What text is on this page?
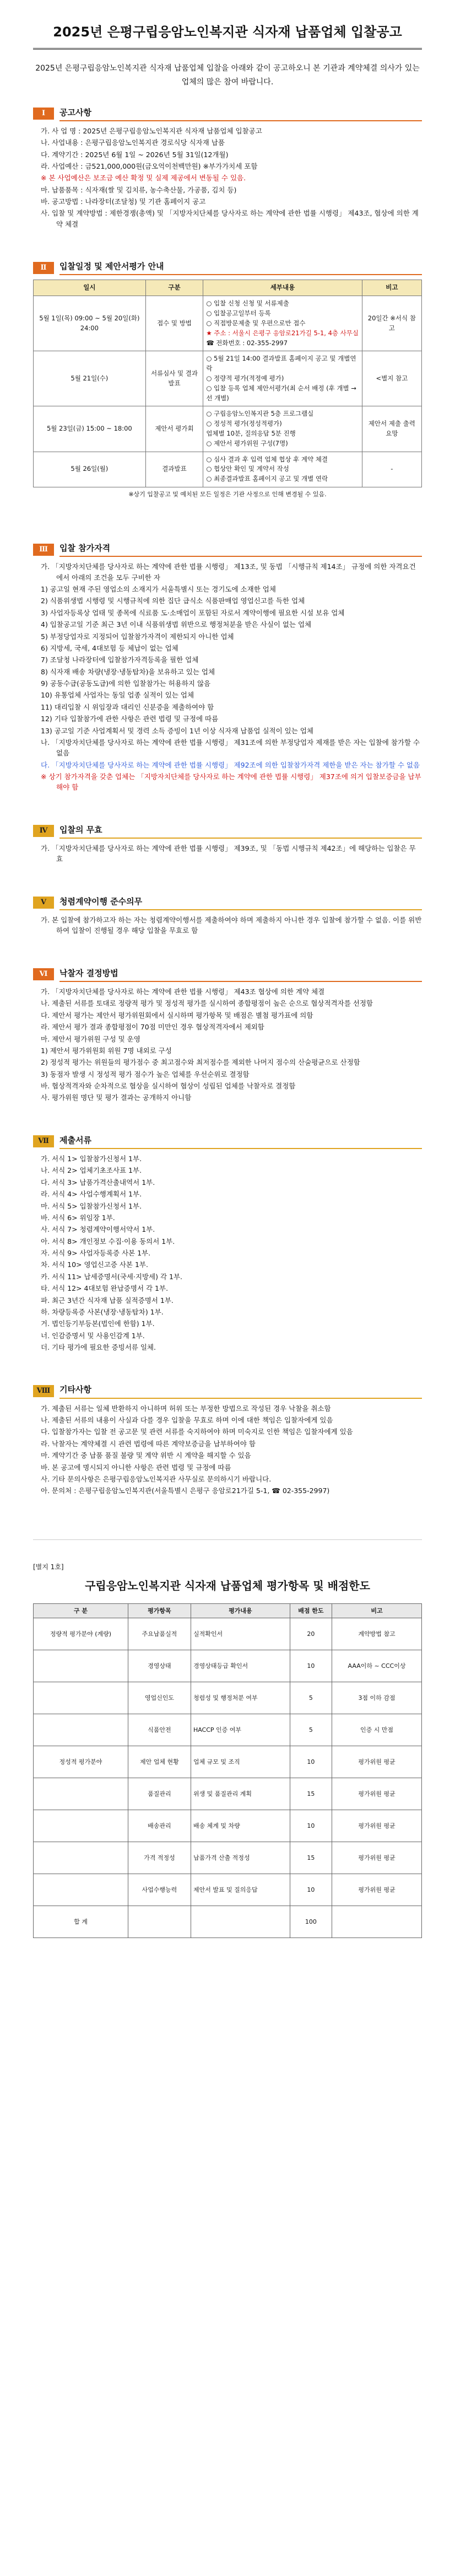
2025년 은평구립응암노인복지관 식자재 납품업체 입찰공고
2025년 은평구립응암노인복지관 식자재 납품업체 입찰을 아래와 같이 공고하오니 본 기관과 계약체결 의사가 있는 업체의 많은 참여 바랍니다.
Ⅰ	공고사항
가. 사 업 명 : 2025년 은평구립응암노인복지관 식자재 납품업체 입찰공고
나. 사업내용 : 은평구립응암노인복지관 경로식당 식자재 납품
다. 계약기간 : 2025년 6월 1일 ~ 2026년 5월 31일(12개월)
라. 사업예산 : 금521,000,000원(금오억이천백만원) ※부가가치세 포함
※ 본 사업예산은 보조금 예산 확정 및 실제 제공에서 변동될 수 있음.
마. 납품품목 : 식자재(쌀 및 김치류, 농수축산물, 가공품, 김치 등)
바. 공고방법 : 나라장터(조달청) 및 기관 홈페이지 공고
사. 입찰 및 계약방법 : 제한경쟁(총액) 및 「지방자치단체를 당사자로 하는 계약에 관한 법률 시행령」 제43조, 협상에 의한 계약 체결
Ⅱ	입찰일정 및 제안서평가 안내
일시	구분	세부내용	비고
5월 1일(목) 09:00 ~ 5월 20일(화) 24:00	접수 및 방법	○ 입찰 신청 신청 및 서류제출
○ 입찰공고일부터 등록
○ 직접방문제출 및 우편으로만 접수
★ 주소 : 서울시 은평구 응암로21가길 5-1, 4층 사무실
☎ 전화번호 : 02-355-2997	20일간 ※서식 참고
5월 21일(수)	서류심사 및 결과발표	○ 5월 21일 14:00 결과발표 홈페이지 공고 및 개별연락
○ 정량적 평가(적정예 평가)
○ 입찰 등록 업체 제안서평가(최 순서 배정 (후 개별 → 선 개별)	<별지 참고
5월 23일(금) 15:00 ~ 18:00	제안서 평가회	○ 구립응암노인복지관 5층 프로그램실
○ 정성적 평가(정성적평가)
업체별 10분, 질의응답 5분 진행
○ 제안서 평가위원 구성(7명)	제안서 제출 출력 요망
5월 26일(월)	결과발표	○ 심사 결과 후 입력 업체 협상 후 계약 체결
○ 협상안 확인 및 계약서 작성
○ 최종결과발표 홈페이지 공고 및 개별 연락	-
※상기 입찰공고 및 예치된 모든 일정은 기관 사정으로 인해 변경될 수 있음.
Ⅲ	입찰 참가자격
가. 「지방자치단체를 당사자로 하는 계약에 관한 법률 시행령」 제13조, 및 동법 「시행규칙 제14조」 규정에 의한 자격요건에서 아래의 조건을 모두 구비한 자
1) 공고일 현재 주된 영업소의 소재지가 서울특별시 또는 경기도에 소재한 업체
2) 식품위생법 시행령 및 시행규칙에 의한 집단 급식소 식품판매업 영업신고를 득한 업체
3) 사업자등록상 업태 및 종목에 식료품 도·소매업이 포함된 자로서 계약이행에 필요한 시설 보유 업체
4) 입찰공고일 기준 최근 3년 이내 식품위생법 위반으로 행정처분을 받은 사실이 없는 업체
5) 부정당업자로 지정되어 입찰참가자격이 제한되지 아니한 업체
6) 지방세, 국세, 4대보험 등 체납이 없는 업체
7) 조달청 나라장터에 입찰참가자격등록을 필한 업체
8) 식자재 배송 차량(냉장·냉동탑차)을 보유하고 있는 업체
9) 공동수급(공동도급)에 의한 입찰참가는 허용하지 않음
10) 유통업체 사업자는 동일 업종 실적이 있는 업체
11) 대리입찰 시 위임장과 대리인 신분증을 제출하여야 함
12) 기타 입찰참가에 관한 사항은 관련 법령 및 규정에 따름
13) 공고일 기준 사업계획서 및 경력 소득 증빙이 1년 이상 식자재 납품업 실적이 있는 업체
나. 「지방자치단체를 당사자로 하는 계약에 관한 법률 시행령」 제31조에 의한 부정당업자 제재를 받은 자는 입찰에 참가할 수 없음
다. 「지방자치단체를 당사자로 하는 계약에 관한 법률 시행령」 제92조에 의한 입찰참가자격 제한을 받은 자는 참가할 수 없음
※ 상기 참가자격을 갖춘 업체는 「지방자치단체를 당사자로 하는 계약에 관한 법률 시행령」 제37조에 의거 입찰보증금을 납부해야 함
Ⅳ	입찰의 무효
가. 「지방자치단체를 당사자로 하는 계약에 관한 법률 시행령」 제39조, 및 「동법 시행규칙 제42조」에 해당하는 입찰은 무효
Ⅴ	청렴계약이행 준수의무
가. 본 입찰에 참가하고자 하는 자는 청렴계약이행서를 제출하여야 하며 제출하지 아니한 경우 입찰에 참가할 수 없음. 이를 위반하여 입찰이 진행될 경우 해당 입찰을 무효로 함
Ⅵ	낙찰자 결정방법
가. 「지방자치단체를 당사자로 하는 계약에 관한 법률 시행령」 제43조 협상에 의한 계약 체결
나. 제출된 서류를 토대로 정량적 평가 및 정성적 평가를 실시하여 종합평점이 높은 순으로 협상적격자를 선정함
다. 제안서 평가는 제안서 평가위원회에서 실시하며 평가항목 및 배점은 별첨 평가표에 의함
라. 제안서 평가 결과 종합평점이 70점 미만인 경우 협상적격자에서 제외함
마. 제안서 평가위원 구성 및 운영
1) 제안서 평가위원회 위원 7명 내외로 구성
2) 정성적 평가는 위원들의 평가점수 중 최고점수와 최저점수를 제외한 나머지 점수의 산술평균으로 산정함
3) 동점자 발생 시 정성적 평가 점수가 높은 업체를 우선순위로 결정함
바. 협상적격자와 순차적으로 협상을 실시하여 협상이 성립된 업체를 낙찰자로 결정함
사. 평가위원 명단 및 평가 결과는 공개하지 아니함
Ⅶ	제출서류
가. 서식 1> 입찰참가신청서 1부.
나. 서식 2> 업체기초조사표 1부.
다. 서식 3> 납품가격산출내역서 1부.
라. 서식 4> 사업수행계획서 1부.
마. 서식 5> 입찰참가신청서 1부.
바. 서식 6> 위임장 1부.
사. 서식 7> 청렴계약이행서약서 1부.
아. 서식 8> 개인정보 수집·이용 동의서 1부.
자. 서식 9> 사업자등록증 사본 1부.
차. 서식 10> 영업신고증 사본 1부.
카. 서식 11> 납세증명서(국세·지방세) 각 1부.
타. 서식 12> 4대보험 완납증명서 각 1부.
파. 최근 3년간 식자재 납품 실적증명서 1부.
하. 차량등록증 사본(냉장·냉동탑차) 1부.
거. 법인등기부등본(법인에 한함) 1부.
너. 인감증명서 및 사용인감계 1부.
더. 기타 평가에 필요한 증빙서류 일체.
Ⅷ	기타사항
가. 제출된 서류는 일체 반환하지 아니하며 허위 또는 부정한 방법으로 작성된 경우 낙찰을 취소함
나. 제출된 서류의 내용이 사실과 다를 경우 입찰을 무효로 하며 이에 대한 책임은 입찰자에게 있음
다. 입찰참가자는 입찰 전 공고문 및 관련 서류를 숙지하여야 하며 미숙지로 인한 책임은 입찰자에게 있음
라. 낙찰자는 계약체결 시 관련 법령에 따른 계약보증금을 납부하여야 함
마. 계약기간 중 납품 품질 불량 및 계약 위반 시 계약을 해지할 수 있음
바. 본 공고에 명시되지 아니한 사항은 관련 법령 및 규정에 따름
사. 기타 문의사항은 은평구립응암노인복지관 사무실로 문의하시기 바랍니다.
아. 문의처 : 은평구립응암노인복지관(서울특별시 은평구 응암로21가길 5-1, ☎ 02-355-2997)
[별지 1호]
구립응암노인복지관 식자재 납품업체 평가항목 및 배점한도
구 분	평가항목	평가내용	배점 한도	비고
정량적 평가분야 (계량)	주요납품실적	실적확인서	20	계약방법 참고
	경영상태	경영상태등급 확인서	10	AAA이하 ~ CCC이상
	영업신인도	청렴성 및 행정처분 여부	5	3점 이하 감점
	식품안전	HACCP 인증 여부	5	인증 시 만점
정성적 평가분야	제안 업체 현황	업체 규모 및 조직	10	평가위원 평균
	품질관리	위생 및 품질관리 계획	15	평가위원 평균
	배송관리	배송 체계 및 차량	10	평가위원 평균
	가격 적정성	납품가격 산출 적정성	15	평가위원 평균
	사업수행능력	제안서 발표 및 질의응답	10	평가위원 평균
합 계			100	
